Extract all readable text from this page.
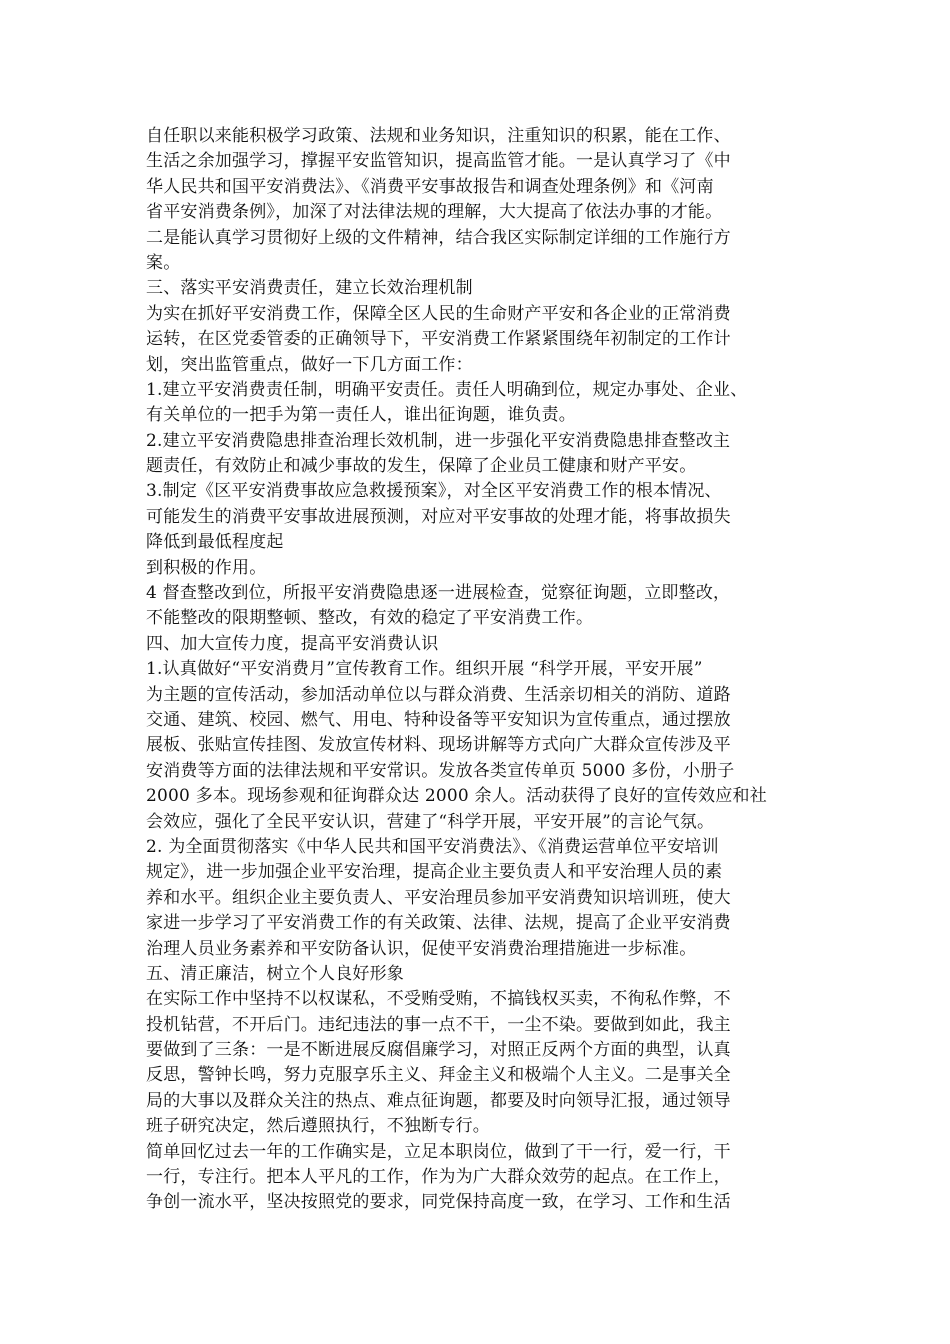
自任职以来能积极学习政策、法规和业务知识，注重知识的积累，能在工作、
生活之余加强学习，撑握平安监管知识，提高监管才能。一是认真学习了《中
华人民共和国平安消费法》、《消费平安事故报告和调查处理条例》和《河南
省平安消费条例》，加深了对法律法规的理解，大大提高了依法办事的才能。
二是能认真学习贯彻好上级的文件精神，结合我区实际制定详细的工作施行方
案。
三、落实平安消费责任，建立长效治理机制
为实在抓好平安消费工作，保障全区人民的生命财产平安和各企业的正常消费
运转，在区党委管委的正确领导下，平安消费工作紧紧围绕年初制定的工作计
划，突出监管重点，做好一下几方面工作：
1.建立平安消费责任制，明确平安责任。责任人明确到位，规定办事处、企业、
有关单位的一把手为第一责任人，谁出征询题，谁负责。
2.建立平安消费隐患排查治理长效机制，进一步强化平安消费隐患排查整改主
题责任，有效防止和减少事故的发生，保障了企业员工健康和财产平安。
3.制定《区平安消费事故应急救援预案》，对全区平安消费工作的根本情况、
可能发生的消费平安事故进展预测，对应对平安事故的处理才能，将事故损失
降低到最低程度起
到积极的作用。
4 督查整改到位，所报平安消费隐患逐一进展检查，觉察征询题，立即整改，
不能整改的限期整顿、整改，有效的稳定了平安消费工作。
四、加大宣传力度，提高平安消费认识
1.认真做好“平安消费月”宣传教育工作。组织开展 “科学开展，平安开展”
为主题的宣传活动，参加活动单位以与群众消费、生活亲切相关的消防、道路
交通、建筑、校园、燃气、用电、特种设备等平安知识为宣传重点，通过摆放
展板、张贴宣传挂图、发放宣传材料、现场讲解等方式向广大群众宣传涉及平
安消费等方面的法律法规和平安常识。发放各类宣传单页 5000 多份，小册子
2000 多本。现场参观和征询群众达 2000 余人。活动获得了良好的宣传效应和社
会效应，强化了全民平安认识，营建了“科学开展，平安开展”的言论气氛。
2. 为全面贯彻落实《中华人民共和国平安消费法》、《消费运营单位平安培训
规定》，进一步加强企业平安治理，提高企业主要负责人和平安治理人员的素
养和水平。组织企业主要负责人、平安治理员参加平安消费知识培训班，使大
家进一步学习了平安消费工作的有关政策、法律、法规，提高了企业平安消费
治理人员业务素养和平安防备认识，促使平安消费治理措施进一步标准。
五、清正廉洁，树立个人良好形象
在实际工作中坚持不以权谋私，不受贿受贿，不搞钱权买卖，不徇私作弊，不
投机钻营，不开后门。违纪违法的事一点不干，一尘不染。要做到如此，我主
要做到了三条：一是不断进展反腐倡廉学习，对照正反两个方面的典型，认真
反思，警钟长鸣，努力克服享乐主义、拜金主义和极端个人主义。二是事关全
局的大事以及群众关注的热点、难点征询题，都要及时向领导汇报，通过领导
班子研究决定，然后遵照执行，不独断专行。
简单回忆过去一年的工作确实是，立足本职岗位，做到了干一行，爱一行，干
一行，专注行。把本人平凡的工作，作为为广大群众效劳的起点。在工作上，
争创一流水平，坚决按照党的要求，同党保持高度一致，在学习、工作和生活
